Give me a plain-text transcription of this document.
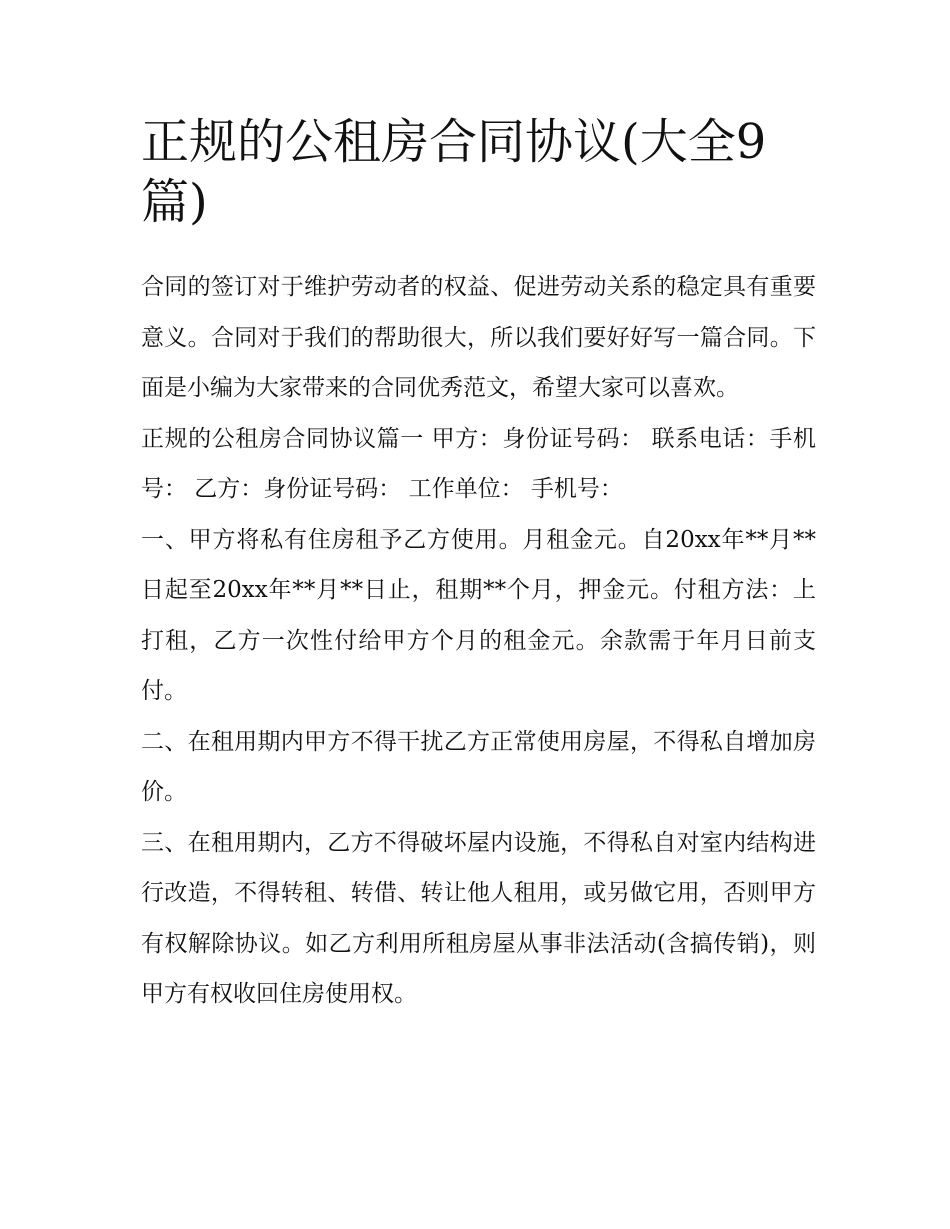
正规的公租房合同协议(大全9篇)

合同的签订对于维护劳动者的权益、促进劳动关系的稳定具有重要意义。合同对于我们的帮助很大，所以我们要好好写一篇合同。下面是小编为大家带来的合同优秀范文，希望大家可以喜欢。

正规的公租房合同协议篇一 甲方：身份证号码： 联系电话：手机号： 乙方：身份证号码： 工作单位： 手机号：

一、甲方将私有住房租予乙方使用。月租金元。自20xx年**月**日起至20xx年**月**日止，租期**个月，押金元。付租方法：上打租，乙方一次性付给甲方个月的租金元。余款需于年月日前支付。

二、在租用期内甲方不得干扰乙方正常使用房屋，不得私自增加房价。

三、在租用期内，乙方不得破坏屋内设施，不得私自对室内结构进行改造，不得转租、转借、转让他人租用，或另做它用，否则甲方有权解除协议。如乙方利用所租房屋从事非法活动(含搞传销)，则甲方有权收回住房使用权。
